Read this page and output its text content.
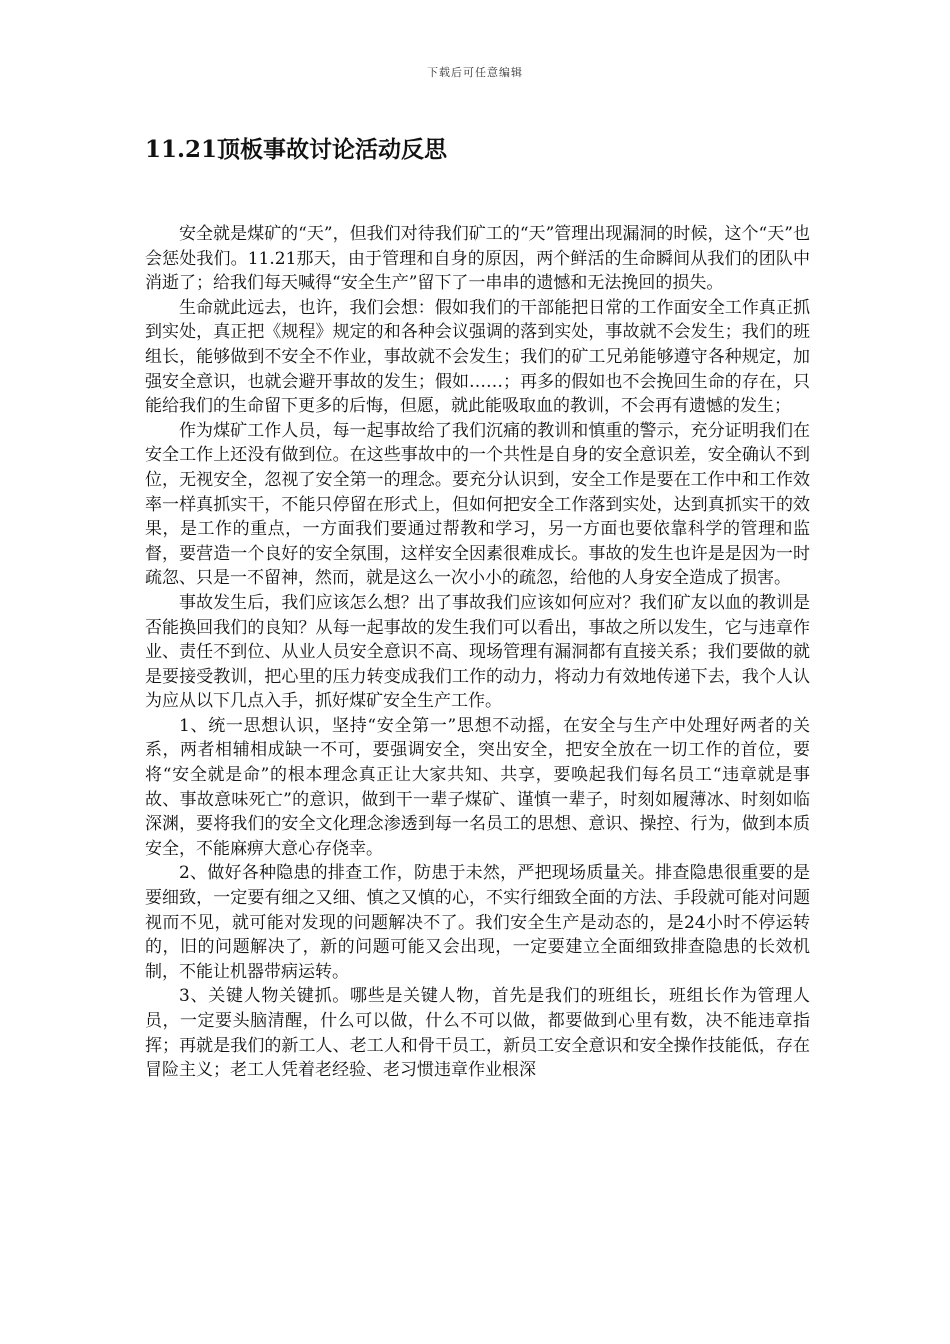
下载后可任意编辑
11.21顶板事故讨论活动反思

安全就是煤矿的“天”，但我们对待我们矿工的“天”管理出现漏洞的时候，这个“天”也会惩处我们。11.21那天，由于管理和自身的原因，两个鲜活的生命瞬间从我们的团队中消逝了；给我们每天喊得“安全生产”留下了一串串的遗憾和无法挽回的损失。

生命就此远去，也许，我们会想：假如我们的干部能把日常的工作面安全工作真正抓到实处，真正把《规程》规定的和各种会议强调的落到实处，事故就不会发生；我们的班组长，能够做到不安全不作业，事故就不会发生；我们的矿工兄弟能够遵守各种规定，加强安全意识，也就会避开事故的发生；假如……；再多的假如也不会挽回生命的存在，只能给我们的生命留下更多的后悔，但愿，就此能吸取血的教训，不会再有遗憾的发生；

作为煤矿工作人员，每一起事故给了我们沉痛的教训和慎重的警示，充分证明我们在安全工作上还没有做到位。在这些事故中的一个共性是自身的安全意识差，安全确认不到位，无视安全，忽视了安全第一的理念。要充分认识到，安全工作是要在工作中和工作效率一样真抓实干，不能只停留在形式上，但如何把安全工作落到实处，达到真抓实干的效果，是工作的重点，一方面我们要通过帮教和学习，另一方面也要依靠科学的管理和监督，要营造一个良好的安全氛围，这样安全因素很难成长。事故的发生也许是是因为一时疏忽、只是一不留神，然而，就是这么一次小小的疏忽，给他的人身安全造成了损害。

事故发生后，我们应该怎么想？出了事故我们应该如何应对？我们矿友以血的教训是否能换回我们的良知？从每一起事故的发生我们可以看出，事故之所以发生，它与违章作业、责任不到位、从业人员安全意识不高、现场管理有漏洞都有直接关系；我们要做的就是要接受教训，把心里的压力转变成我们工作的动力，将动力有效地传递下去，我个人认为应从以下几点入手，抓好煤矿安全生产工作。

1、统一思想认识，坚持“安全第一”思想不动摇，在安全与生产中处理好两者的关系，两者相辅相成缺一不可，要强调安全，突出安全，把安全放在一切工作的首位，要将“安全就是命”的根本理念真正让大家共知、共享，要唤起我们每名员工“违章就是事故、事故意味死亡”的意识，做到干一辈子煤矿、谨慎一辈子，时刻如履薄冰、时刻如临深渊，要将我们的安全文化理念渗透到每一名员工的思想、意识、操控、行为，做到本质安全，不能麻痹大意心存侥幸。

2、做好各种隐患的排查工作，防患于未然，严把现场质量关。排查隐患很重要的是要细致，一定要有细之又细、慎之又慎的心，不实行细致全面的方法、手段就可能对问题视而不见，就可能对发现的问题解决不了。我们安全生产是动态的，是24小时不停运转的，旧的问题解决了，新的问题可能又会出现，一定要建立全面细致排查隐患的长效机制，不能让机器带病运转。

3、关键人物关键抓。哪些是关键人物，首先是我们的班组长，班组长作为管理人员，一定要头脑清醒，什么可以做，什么不可以做，都要做到心里有数，决不能违章指挥；再就是我们的新工人、老工人和骨干员工，新员工安全意识和安全操作技能低，存在冒险主义；老工人凭着老经验、老习惯违章作业根深
